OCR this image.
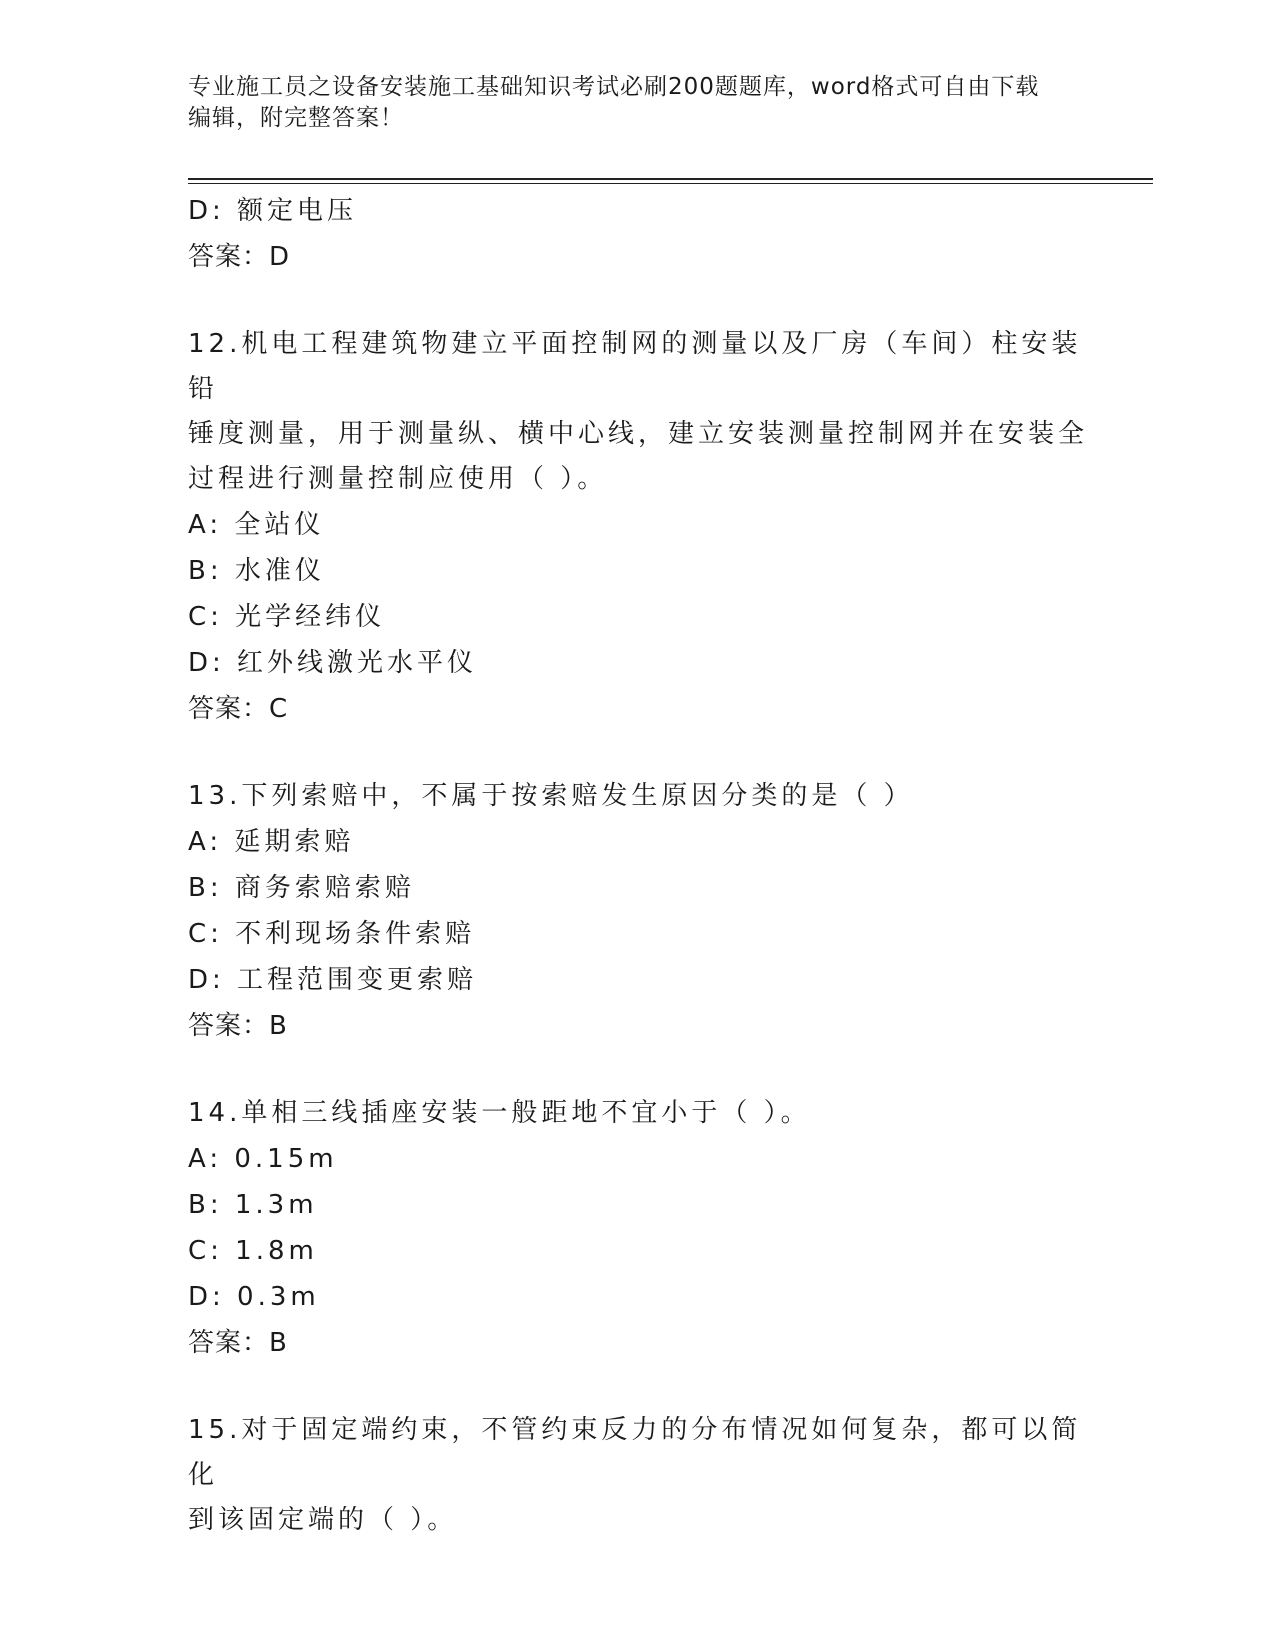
专业施工员之设备安装施工基础知识考试必刷200题题库，word格式可自由下载
编辑，附完整答案！
D: 额定电压
答案：D
12.机电工程建筑物建立平面控制网的测量以及厂房（车间）柱安装铅
锤度测量，用于测量纵、横中心线，建立安装测量控制网并在安装全
过程进行测量控制应使用（ ）。
A: 全站仪
B: 水准仪
C: 光学经纬仪
D: 红外线激光水平仪
答案：C
13.下列索赔中，不属于按索赔发生原因分类的是（ ）
A: 延期索赔
B: 商务索赔索赔
C: 不利现场条件索赔
D: 工程范围变更索赔
答案：B
14.单相三线插座安装一般距地不宜小于（ ）。
A: 0.15m
B: 1.3m
C: 1.8m
D: 0.3m
答案：B
15.对于固定端约束，不管约束反力的分布情况如何复杂，都可以简化
到该固定端的（ ）。
